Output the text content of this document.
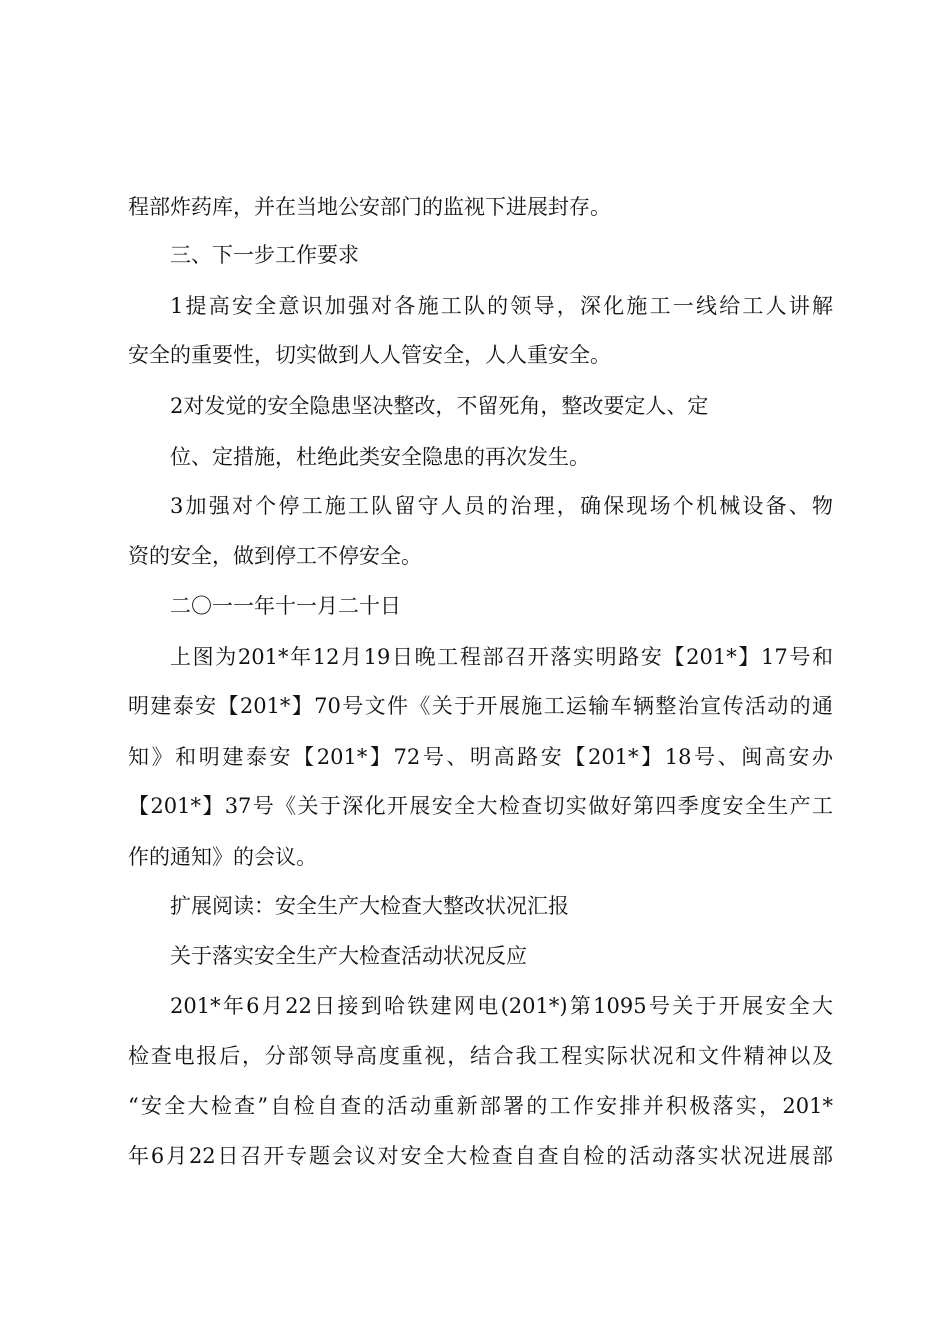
程部炸药库，并在当地公安部门的监视下进展封存。
三、下一步工作要求
1提高安全意识加强对各施工队的领导，深化施工一线给工人讲解
安全的重要性，切实做到人人管安全，人人重安全。
2对发觉的安全隐患坚决整改，不留死角，整改要定人、定
位、定措施，杜绝此类安全隐患的再次发生。
3加强对个停工施工队留守人员的治理，确保现场个机械设备、物
资的安全，做到停工不停安全。
二〇一一年十一月二十日
上图为201*年12月19日晚工程部召开落实明路安【201*】17号和
明建泰安【201*】70号文件《关于开展施工运输车辆整治宣传活动的通
知》和明建泰安【201*】72号、明高路安【201*】18号、闽高安办
【201*】37号《关于深化开展安全大检查切实做好第四季度安全生产工
作的通知》的会议。
扩展阅读：安全生产大检查大整改状况汇报
关于落实安全生产大检查活动状况反应
201*年6月22日接到哈铁建网电(201*)第1095号关于开展安全大
检查电报后，分部领导高度重视，结合我工程实际状况和文件精神以及
“安全大检查”自检自查的活动重新部署的工作安排并积极落实，201*
年6月22日召开专题会议对安全大检查自查自检的活动落实状况进展部
